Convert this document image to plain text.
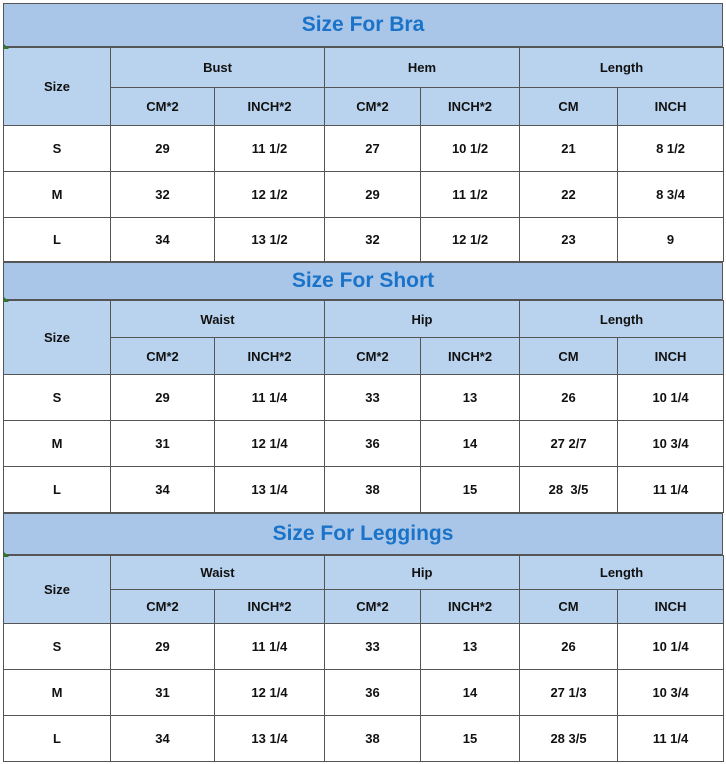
Size For Bra
Size	Bust		Hem		Length	
	CM*2	INCH*2	CM*2	INCH*2	CM	INCH
S	29	11 1/2	27	10 1/2	21	8 1/2
M	32	12 1/2	29	11 1/2	22	8 3/4
L	34	13 1/2	32	12 1/2	23	9
Size For Short
Size	Waist		Hip		Length	
	CM*2	INCH*2	CM*2	INCH*2	CM	INCH
S	29	11 1/4	33	13	26	10 1/4
M	31	12 1/4	36	14	27 2/7	10 3/4
L	34	13 1/4	38	15	28  3/5	11 1/4
Size For Leggings
Size	Waist		Hip		Length	
	CM*2	INCH*2	CM*2	INCH*2	CM	INCH
S	29	11 1/4	33	13	26	10 1/4
M	31	12 1/4	36	14	27 1/3	10 3/4
L	34	13 1/4	38	15	28 3/5	11 1/4
